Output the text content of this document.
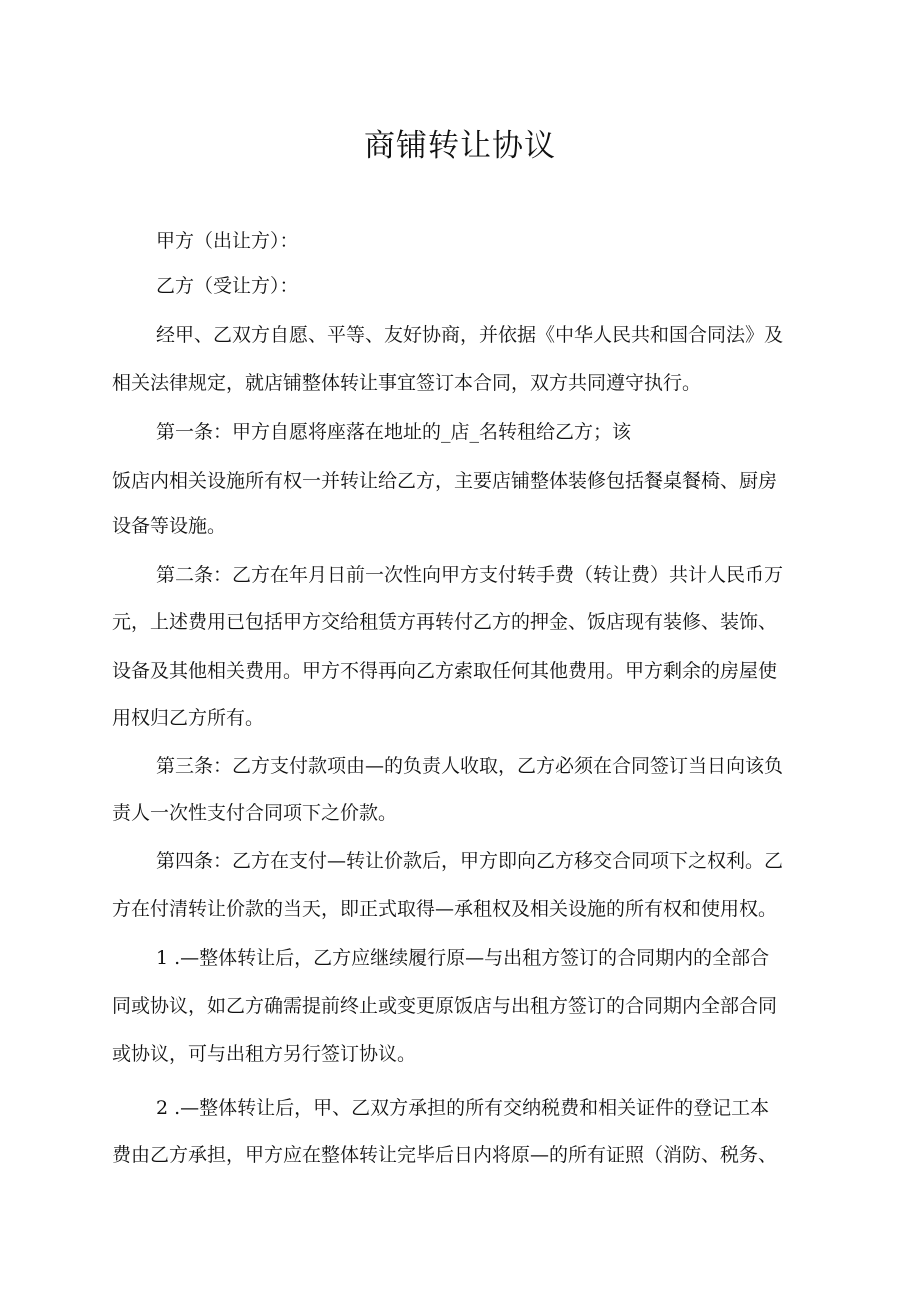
商铺转让协议
甲方（出让方）：
乙方（受让方）：
经甲、乙双方自愿、平等、友好协商，并依据《中华人民共和国合同法》及
相关法律规定，就店铺整体转让事宜签订本合同，双方共同遵守执行。
第一条：甲方自愿将座落在地址的_店_名转租给乙方；该
饭店内相关设施所有权一并转让给乙方，主要店铺整体装修包括餐桌餐椅、厨房
设备等设施。
第二条：乙方在年月日前一次性向甲方支付转手费（转让费）共计人民币万
元，上述费用已包括甲方交给租赁方再转付乙方的押金、饭店现有装修、装饰、
设备及其他相关费用。甲方不得再向乙方索取任何其他费用。甲方剩余的房屋使
用权归乙方所有。
第三条：乙方支付款项由—的负责人收取，乙方必须在合同签订当日向该负
责人一次性支付合同项下之价款。
第四条：乙方在支付—转让价款后，甲方即向乙方移交合同项下之权利。乙
方在付清转让价款的当天，即正式取得—承租权及相关设施的所有权和使用权。
1 .—整体转让后，乙方应继续履行原—与出租方签订的合同期内的全部合
同或协议，如乙方确需提前终止或变更原饭店与出租方签订的合同期内全部合同
或协议，可与出租方另行签订协议。
2 .—整体转让后，甲、乙双方承担的所有交纳税费和相关证件的登记工本
费由乙方承担，甲方应在整体转让完毕后日内将原—的所有证照（消防、税务、
